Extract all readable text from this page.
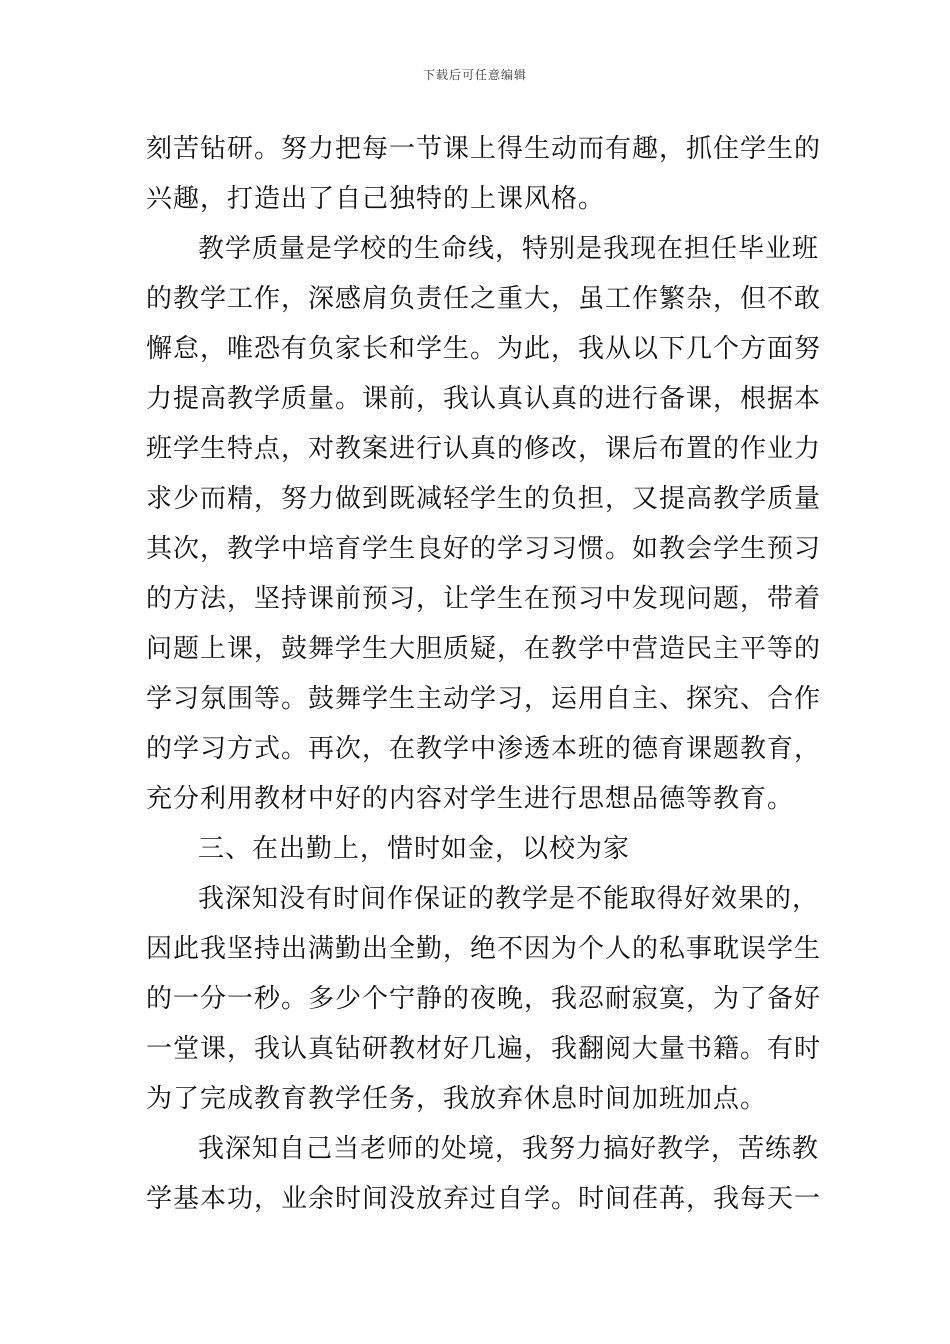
下载后可任意编辑
刻苦钻研。努力把每一节课上得生动而有趣，抓住学生的
兴趣，打造出了自己独特的上课风格。
教学质量是学校的生命线，特别是我现在担任毕业班
的教学工作，深感肩负责任之重大，虽工作繁杂，但不敢
懈怠，唯恐有负家长和学生。为此，我从以下几个方面努
力提高教学质量。课前，我认真认真的进行备课，根据本
班学生特点，对教案进行认真的修改，课后布置的作业力
求少而精，努力做到既减轻学生的负担，又提高教学质量
其次，教学中培育学生良好的学习习惯。如教会学生预习
的方法，坚持课前预习，让学生在预习中发现问题，带着
问题上课，鼓舞学生大胆质疑，在教学中营造民主平等的
学习氛围等。鼓舞学生主动学习，运用自主、探究、合作
的学习方式。再次，在教学中渗透本班的德育课题教育，
充分利用教材中好的内容对学生进行思想品德等教育。
三、在出勤上，惜时如金，以校为家
我深知没有时间作保证的教学是不能取得好效果的，
因此我坚持出满勤出全勤，绝不因为个人的私事耽误学生
的一分一秒。多少个宁静的夜晚，我忍耐寂寞，为了备好
一堂课，我认真钻研教材好几遍，我翻阅大量书籍。有时
为了完成教育教学任务，我放弃休息时间加班加点。
我深知自己当老师的处境，我努力搞好教学，苦练教
学基本功，业余时间没放弃过自学。时间荏苒，我每天一
